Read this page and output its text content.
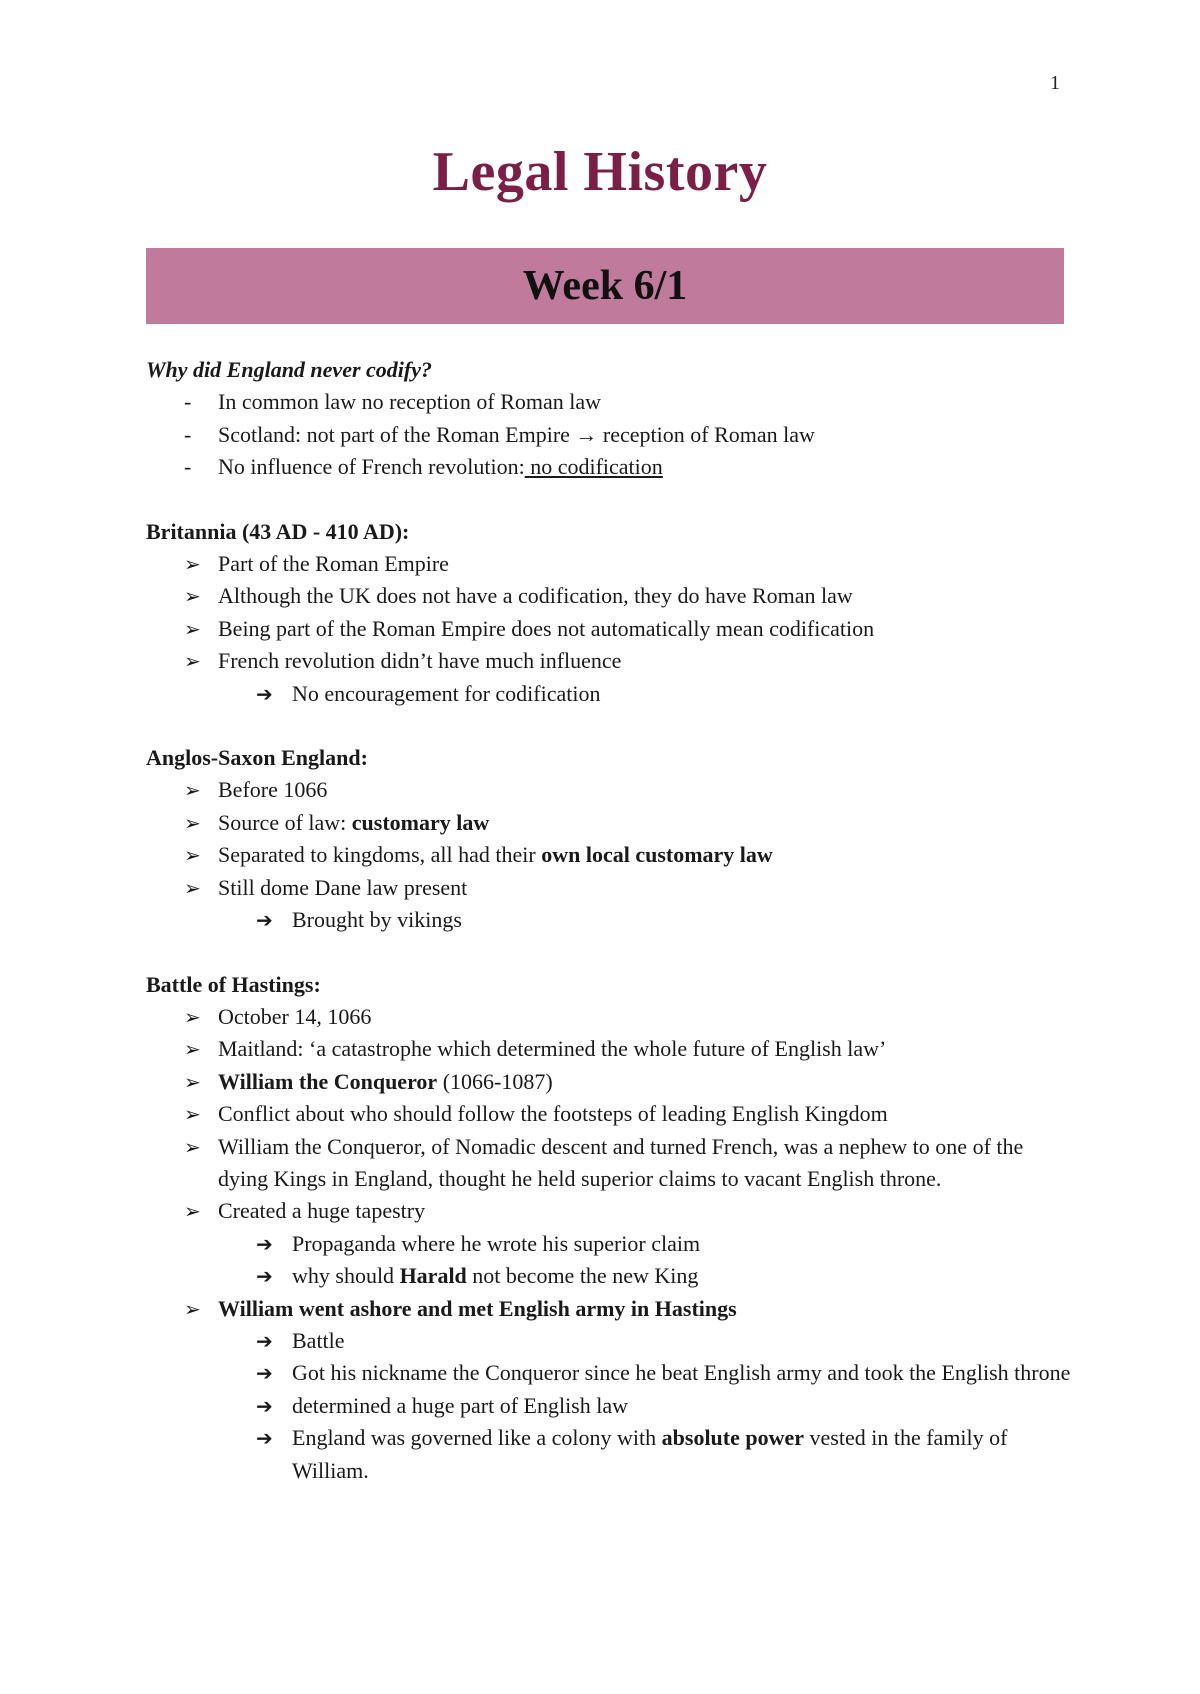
1
Legal History
Week 6/1
Why did England never codify?
-	In common law no reception of Roman law
-	Scotland: not part of the Roman Empire → reception of Roman law
-	No influence of French revolution: no codification
Britannia (43 AD - 410 AD):
➢ Part of the Roman Empire
➢ Although the UK does not have a codification, they do have Roman law
➢ Being part of the Roman Empire does not automatically mean codification
➢ French revolution didn’t have much influence
➔ No encouragement for codification
Anglos-Saxon England:
➢ Before 1066
➢ Source of law: customary law
➢ Separated to kingdoms, all had their own local customary law
➢ Still dome Dane law present
➔ Brought by vikings
Battle of Hastings:
➢ October 14, 1066
➢ Maitland: ‘a catastrophe which determined the whole future of English law’
➢ William the Conqueror (1066-1087)
➢ Conflict about who should follow the footsteps of leading English Kingdom
➢ William the Conqueror, of Nomadic descent and turned French, was a nephew to one of the dying Kings in England, thought he held superior claims to vacant English throne.
➢ Created a huge tapestry
➔ Propaganda where he wrote his superior claim
➔ why should Harald not become the new King
➢ William went ashore and met English army in Hastings
➔ Battle
➔ Got his nickname the Conqueror since he beat English army and took the English throne
➔ determined a huge part of English law
➔ England was governed like a colony with absolute power vested in the family of William.
